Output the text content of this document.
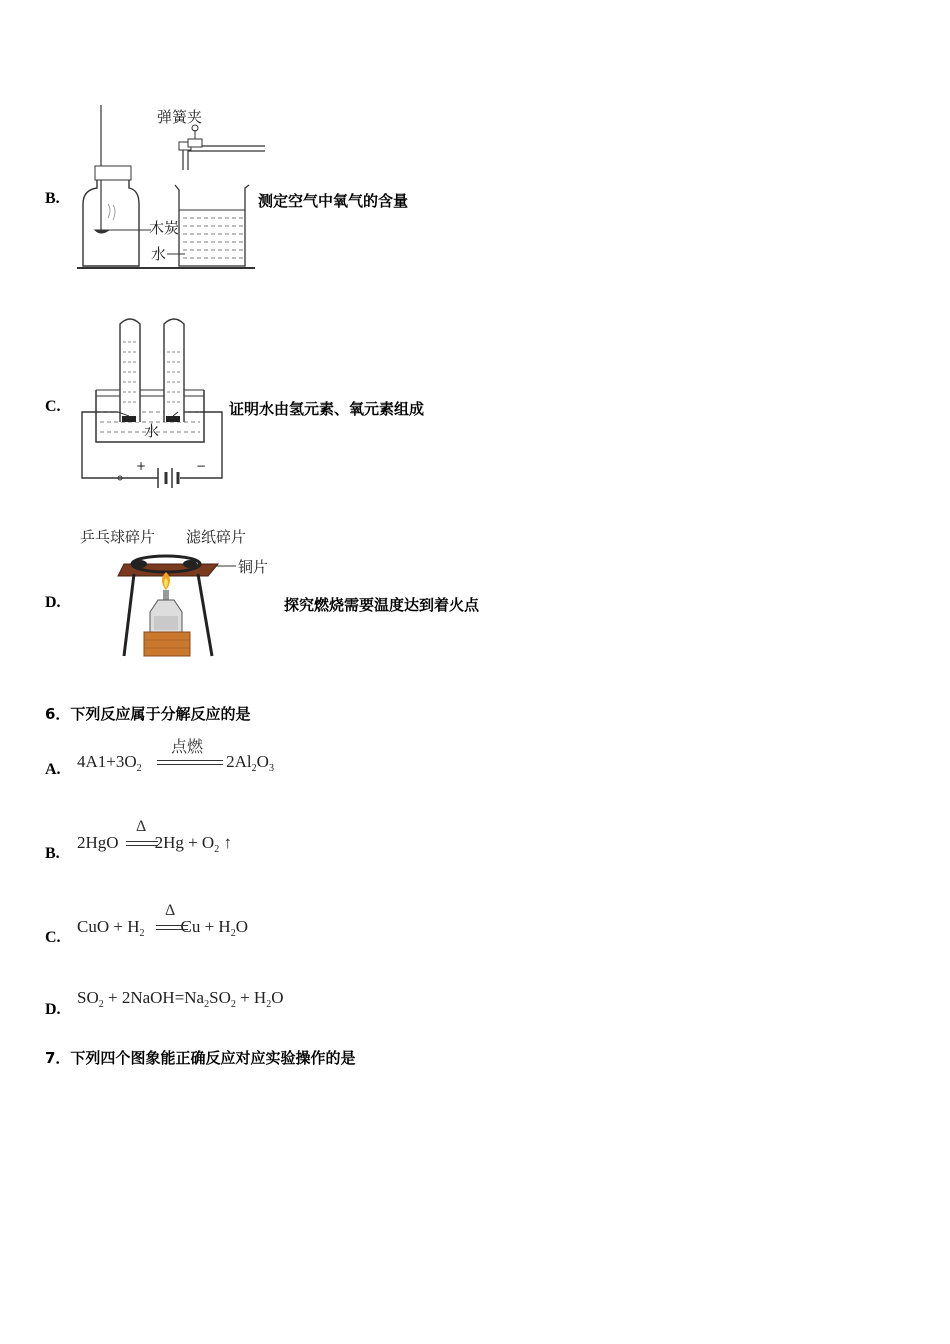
B.
弹簧夹
木炭
水
测定空气中氧气的含量
C.
+	−
水
证明水由氢元素、氧元素组成
D.
乒乓球碎片 滤纸碎片
铜片
探究燃烧需要温度达到着火点
6．下列反应属于分解反应的是
A. $4A1+3O_2$	$2Al_2O_3$
点燃
B.
2HgO $2Hg + O_2$ ↑
Δ
C.
CuO + $H_2$ $Cu + H_2O$
Δ
D.
$SO_2$ + $2NaOH=Na_2SO_2 + H_2O$
7．下列四个图象能正确反应对应实验操作的是
